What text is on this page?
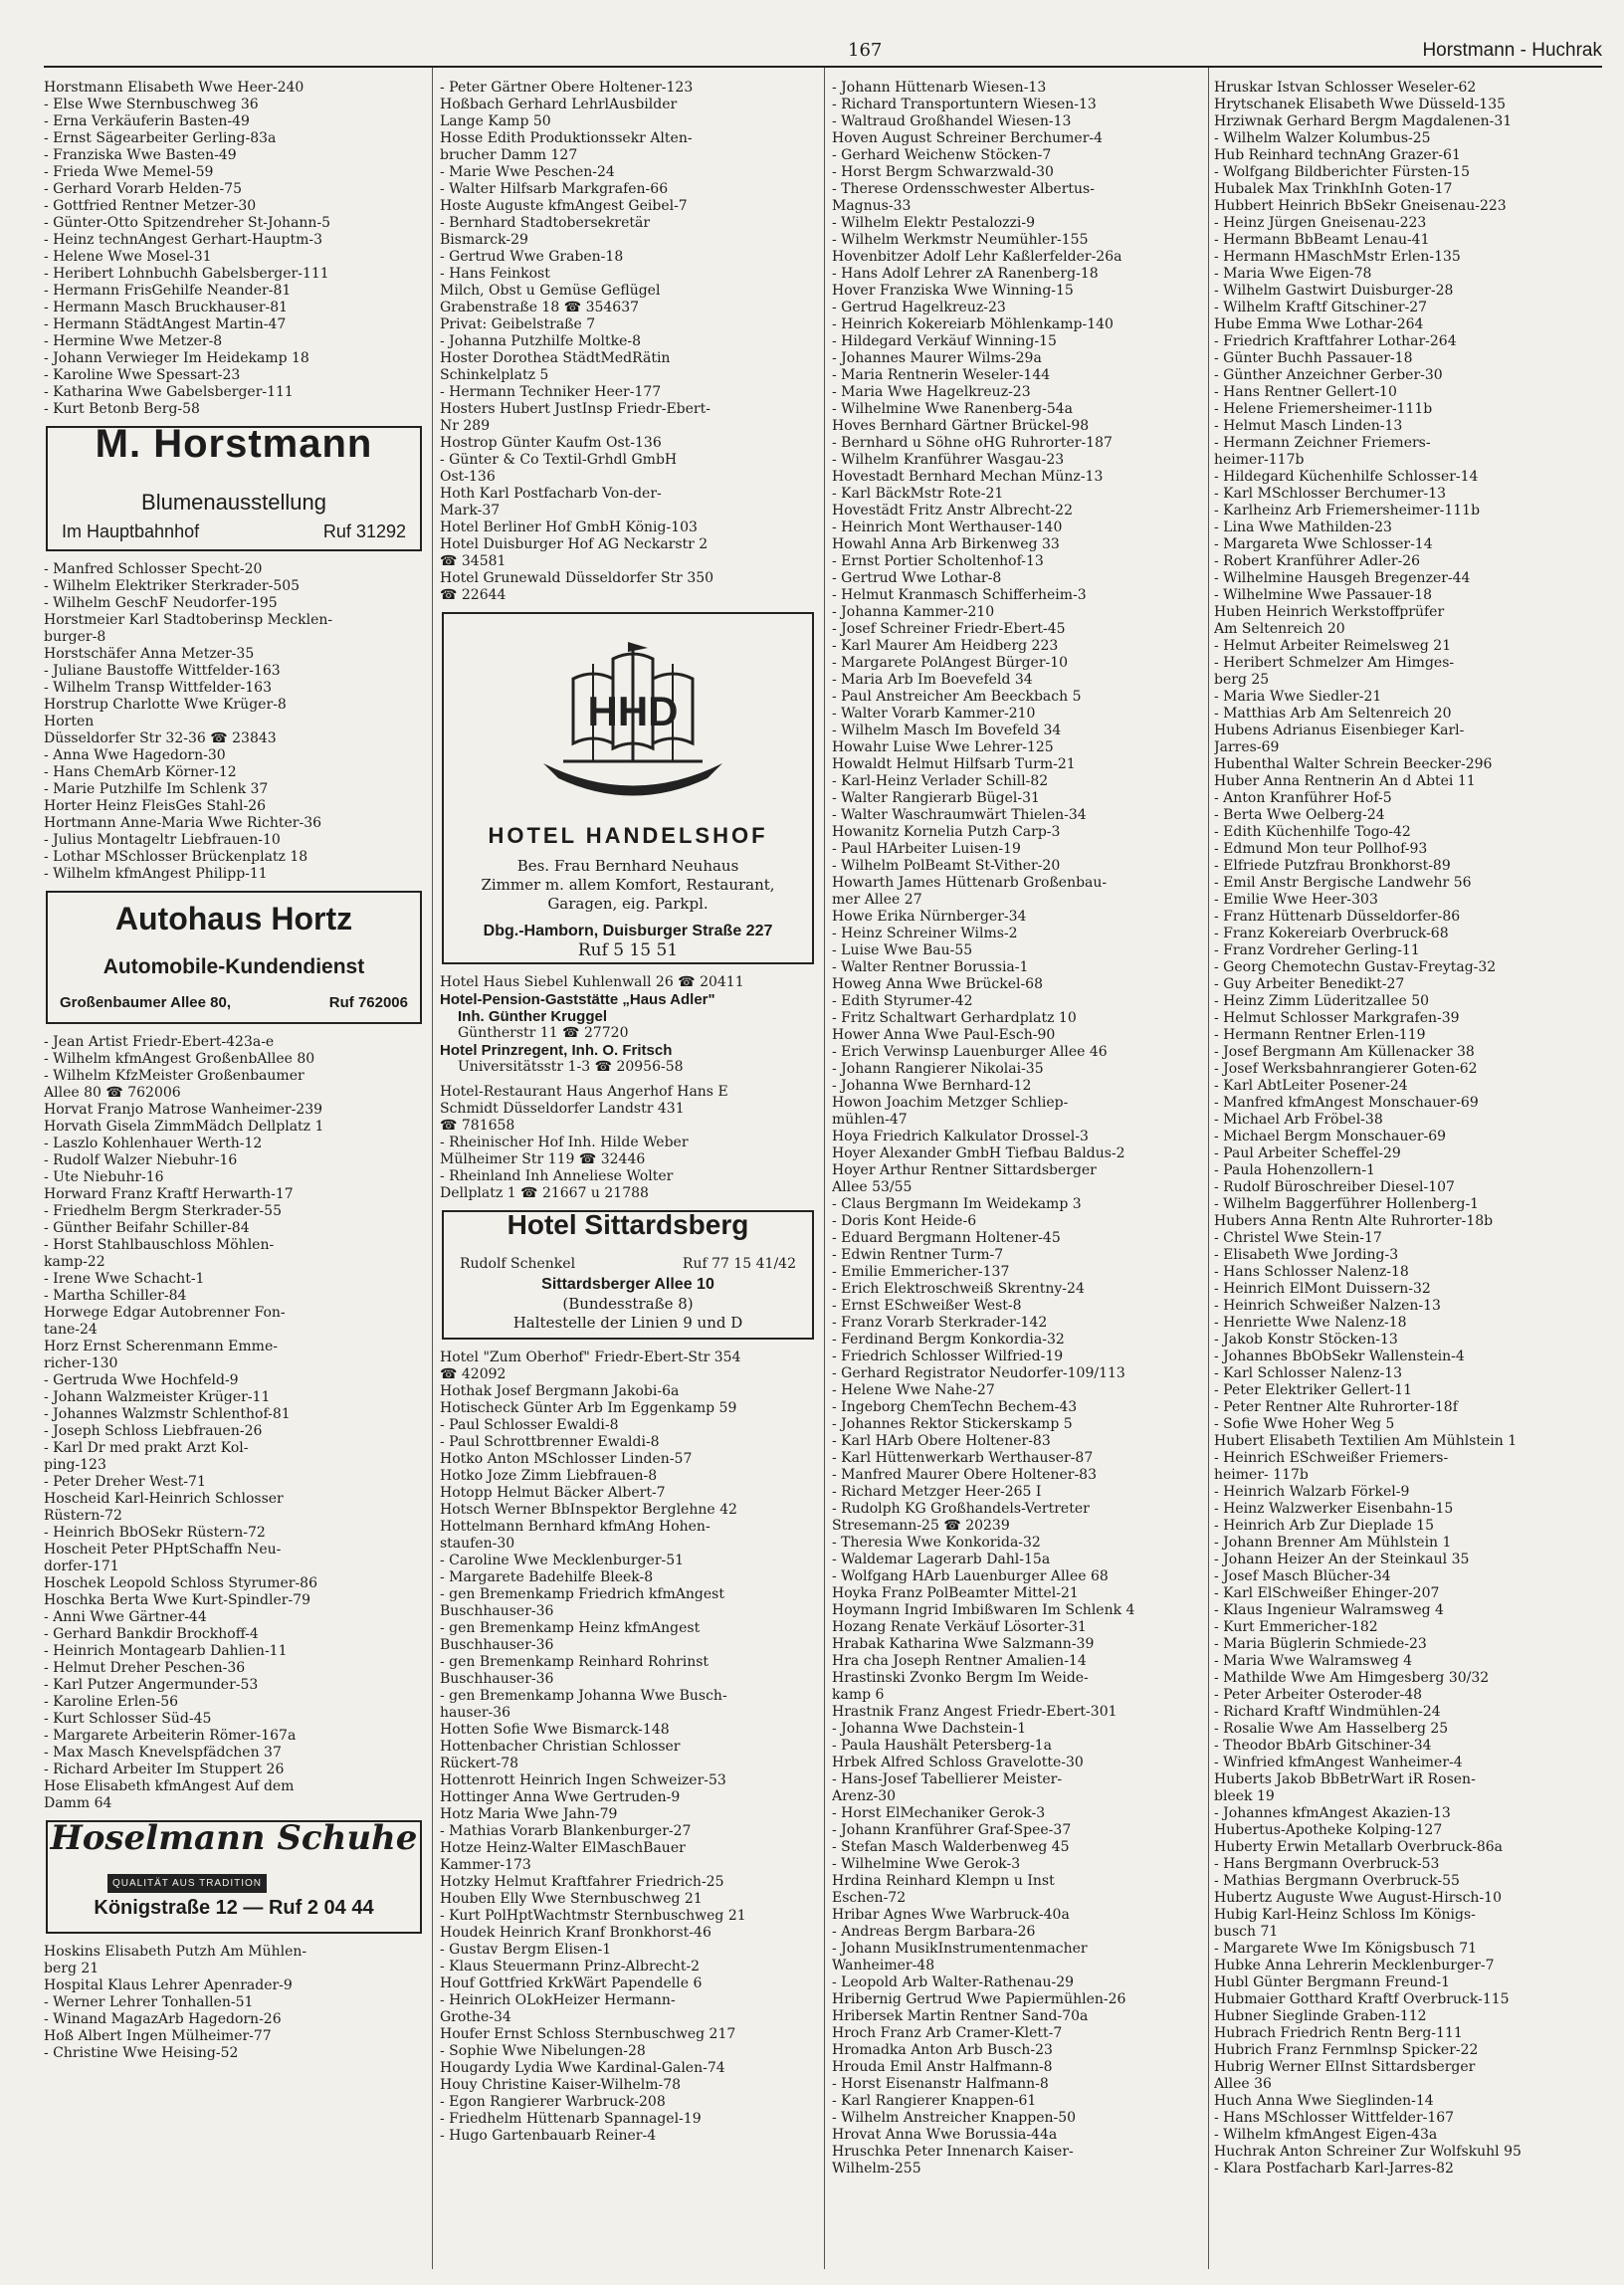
167	Horstmann - Huchrak
Horstmann Elisabeth Wwe Heer-240
- Else Wwe Sternbuschweg 36
- Erna Verkäuferin Basten-49
- Ernst Sägearbeiter Gerling-83a
- Franziska Wwe Basten-49
- Frieda Wwe Memel-59
- Gerhard Vorarb Helden-75
- Gottfried Rentner Metzer-30
- Günter-Otto Spitzendreher St-Johann-5
- Heinz technAngest Gerhart-Hauptm-3
- Helene Wwe Mosel-31
- Heribert Lohnbuchh Gabelsberger-111
- Hermann FrisGehilfe Neander-81
- Hermann Masch Bruckhauser-81
- Hermann StädtAngest Martin-47
- Hermine Wwe Metzer-8
- Johann Verwieger Im Heidekamp 18
- Karoline Wwe Spessart-23
- Katharina Wwe Gabelsberger-111
- Kurt Betonb Berg-58
M. Horstmann
Blumenausstellung
Im Hauptbahnhof	Ruf 31292
- Manfred Schlosser Specht-20
- Wilhelm Elektriker Sterkrader-505
- Wilhelm GeschF Neudorfer-195
Horstmeier Karl Stadtoberinsp Mecklen-
burger-8
Horstschäfer Anna Metzer-35
- Juliane Baustoffe Wittfelder-163
- Wilhelm Transp Wittfelder-163
Horstrup Charlotte Wwe Krüger-8
Horten
Düsseldorfer Str 32-36 ☎ 23843
- Anna Wwe Hagedorn-30
- Hans ChemArb Körner-12
- Marie Putzhilfe Im Schlenk 37
Horter Heinz FleisGes Stahl-26
Hortmann Anne-Maria Wwe Richter-36
- Julius Montageltr Liebfrauen-10
- Lothar MSchlosser Brückenplatz 18
- Wilhelm kfmAngest Philipp-11
Autohaus Hortz
Automobile-Kundendienst
Großenbaumer Allee 80,	Ruf 762006
- Jean Artist Friedr-Ebert-423a-e
- Wilhelm kfmAngest GroßenbAllee 80
- Wilhelm KfzMeister Großenbaumer
Allee 80 ☎ 762006
Horvat Franjo Matrose Wanheimer-239
Horvath Gisela ZimmMädch Dellplatz 1
- Laszlo Kohlenhauer Werth-12
- Rudolf Walzer Niebuhr-16
- Ute Niebuhr-16
Horward Franz Kraftf Herwarth-17
- Friedhelm Bergm Sterkrader-55
- Günther Beifahr Schiller-84
- Horst Stahlbauschloss Möhlen-
kamp-22
- Irene Wwe Schacht-1
- Martha Schiller-84
Horwege Edgar Autobrenner Fon-
tane-24
Horz Ernst Scherenmann Emme-
richer-130
- Gertruda Wwe Hochfeld-9
- Johann Walzmeister Krüger-11
- Johannes Walzmstr Schlenthof-81
- Joseph Schloss Liebfrauen-26
- Karl Dr med prakt Arzt Kol-
ping-123
- Peter Dreher West-71
Hoscheid Karl-Heinrich Schlosser
Rüstern-72
- Heinrich BbOSekr Rüstern-72
Hoscheit Peter PHptSchaffn Neu-
dorfer-171
Hoschek Leopold Schloss Styrumer-86
Hoschka Berta Wwe Kurt-Spindler-79
- Anni Wwe Gärtner-44
- Gerhard Bankdir Brockhoff-4
- Heinrich Montagearb Dahlien-11
- Helmut Dreher Peschen-36
- Karl Putzer Angermunder-53
- Karoline Erlen-56
- Kurt Schlosser Süd-45
- Margarete Arbeiterin Römer-167a
- Max Masch Knevelspfädchen 37
- Richard Arbeiter Im Stuppert 26
Hose Elisabeth kfmAngest Auf dem
Damm 64
Hoselmann Schuhe
QUALITÄT AUS TRADITION
Königstraße 12 — Ruf 2 04 44
Hoskins Elisabeth Putzh Am Mühlen-
berg 21
Hospital Klaus Lehrer Apenrader-9
- Werner Lehrer Tonhallen-51
- Winand MagazArb Hagedorn-26
Hoß Albert Ingen Mülheimer-77
- Christine Wwe Heising-52
- Peter Gärtner Obere Holtener-123
Hoßbach Gerhard LehrlAusbilder
Lange Kamp 50
Hosse Edith Produktionssekr Alten-
brucher Damm 127
- Marie Wwe Peschen-24
- Walter Hilfsarb Markgrafen-66
Hoste Auguste kfmAngest Geibel-7
- Bernhard Stadtobersekretär
Bismarck-29
- Gertrud Wwe Graben-18
- Hans Feinkost
Milch, Obst u Gemüse Geflügel
Grabenstraße 18 ☎ 354637
Privat: Geibelstraße 7
- Johanna Putzhilfe Moltke-8
Hoster Dorothea StädtMedRätin
Schinkelplatz 5
- Hermann Techniker Heer-177
Hosters Hubert JustInsp Friedr-Ebert-
Nr 289
Hostrop Günter Kaufm Ost-136
- Günter & Co Textil-Grhdl GmbH
Ost-136
Hoth Karl Postfacharb Von-der-
Mark-37
Hotel Berliner Hof GmbH König-103
Hotel Duisburger Hof AG Neckarstr 2
☎ 34581
Hotel Grunewald Düsseldorfer Str 350
☎ 22644
HHD
HOTEL HANDELSHOF
Bes. Frau Bernhard Neuhaus
Zimmer m. allem Komfort, Restaurant,
Garagen, eig. Parkpl.
Dbg.-Hamborn, Duisburger Straße 227
Ruf 5 15 51
Hotel Haus Siebel Kuhlenwall 26 ☎ 20411
Hotel-Pension-Gaststätte „Haus Adler"
Inh. Günther Kruggel
Güntherstr 11 ☎ 27720
Hotel Prinzregent, Inh. O. Fritsch
Universitätsstr 1-3 ☎ 20956-58
Hotel-Restaurant Haus Angerhof Hans E
Schmidt Düsseldorfer Landstr 431
☎ 781658
- Rheinischer Hof Inh. Hilde Weber
Mülheimer Str 119 ☎ 32446
- Rheinland Inh Anneliese Wolter
Dellplatz 1 ☎ 21667 u 21788
Hotel Sittardsberg
Rudolf Schenkel	Ruf 77 15 41/42
Sittardsberger Allee 10
(Bundesstraße 8)
Haltestelle der Linien 9 und D
Hotel "Zum Oberhof" Friedr-Ebert-Str 354
☎ 42092
Hothak Josef Bergmann Jakobi-6a
Hotischeck Günter Arb Im Eggenkamp 59
- Paul Schlosser Ewaldi-8
- Paul Schrottbrenner Ewaldi-8
Hotko Anton MSchlosser Linden-57
Hotko Joze Zimm Liebfrauen-8
Hotopp Helmut Bäcker Albert-7
Hotsch Werner BbInspektor Berglehne 42
Hottelmann Bernhard kfmAng Hohen-
staufen-30
- Caroline Wwe Mecklenburger-51
- Margarete Badehilfe Bleek-8
- gen Bremenkamp Friedrich kfmAngest
Buschhauser-36
- gen Bremenkamp Heinz kfmAngest
Buschhauser-36
- gen Bremenkamp Reinhard Rohrinst
Buschhauser-36
- gen Bremenkamp Johanna Wwe Busch-
hauser-36
Hotten Sofie Wwe Bismarck-148
Hottenbacher Christian Schlosser
Rückert-78
Hottenrott Heinrich Ingen Schweizer-53
Hottinger Anna Wwe Gertruden-9
Hotz Maria Wwe Jahn-79
- Mathias Vorarb Blankenburger-27
Hotze Heinz-Walter ElMaschBauer
Kammer-173
Hotzky Helmut Kraftfahrer Friedrich-25
Houben Elly Wwe Sternbuschweg 21
- Kurt PolHptWachtmstr Sternbuschweg 21
Houdek Heinrich Kranf Bronkhorst-46
- Gustav Bergm Elisen-1
- Klaus Steuermann Prinz-Albrecht-2
Houf Gottfried KrkWärt Papendelle 6
- Heinrich OLokHeizer Hermann-
Grothe-34
Houfer Ernst Schloss Sternbuschweg 217
- Sophie Wwe Nibelungen-28
Hougardy Lydia Wwe Kardinal-Galen-74
Houy Christine Kaiser-Wilhelm-78
- Egon Rangierer Warbruck-208
- Friedhelm Hüttenarb Spannagel-19
- Hugo Gartenbauarb Reiner-4
- Johann Hüttenarb Wiesen-13
- Richard Transportuntern Wiesen-13
- Waltraud Großhandel Wiesen-13
Hoven August Schreiner Berchumer-4
- Gerhard Weichenw Stöcken-7
- Horst Bergm Schwarzwald-30
- Therese Ordensschwester Albertus-
Magnus-33
- Wilhelm Elektr Pestalozzi-9
- Wilhelm Werkmstr Neumühler-155
Hovenbitzer Adolf Lehr Kaßlerfelder-26a
- Hans Adolf Lehrer zA Ranenberg-18
Hover Franziska Wwe Winning-15
- Gertrud Hagelkreuz-23
- Heinrich Kokereiarb Möhlenkamp-140
- Hildegard Verkäuf Winning-15
- Johannes Maurer Wilms-29a
- Maria Rentnerin Weseler-144
- Maria Wwe Hagelkreuz-23
- Wilhelmine Wwe Ranenberg-54a
Hoves Bernhard Gärtner Brückel-98
- Bernhard u Söhne oHG Ruhrorter-187
- Wilhelm Kranführer Wasgau-23
Hovestadt Bernhard Mechan Münz-13
- Karl BäckMstr Rote-21
Hovestädt Fritz Anstr Albrecht-22
- Heinrich Mont Werthauser-140
Howahl Anna Arb Birkenweg 33
- Ernst Portier Scholtenhof-13
- Gertrud Wwe Lothar-8
- Helmut Kranmasch Schifferheim-3
- Johanna Kammer-210
- Josef Schreiner Friedr-Ebert-45
- Karl Maurer Am Heidberg 223
- Margarete PolAngest Bürger-10
- Maria Arb Im Boevefeld 34
- Paul Anstreicher Am Beeckbach 5
- Walter Vorarb Kammer-210
- Wilhelm Masch Im Bovefeld 34
Howahr Luise Wwe Lehrer-125
Howaldt Helmut Hilfsarb Turm-21
- Karl-Heinz Verlader Schill-82
- Walter Rangierarb Bügel-31
- Walter Waschraumwärt Thielen-34
Howanitz Kornelia Putzh Carp-3
- Paul HArbeiter Luisen-19
- Wilhelm PolBeamt St-Vither-20
Howarth James Hüttenarb Großenbau-
mer Allee 27
Howe Erika Nürnberger-34
- Heinz Schreiner Wilms-2
- Luise Wwe Bau-55
- Walter Rentner Borussia-1
Howeg Anna Wwe Brückel-68
- Edith Styrumer-42
- Fritz Schaltwart Gerhardplatz 10
Hower Anna Wwe Paul-Esch-90
- Erich Verwinsp Lauenburger Allee 46
- Johann Rangierer Nikolai-35
- Johanna Wwe Bernhard-12
Howon Joachim Metzger Schliep-
mühlen-47
Hoya Friedrich Kalkulator Drossel-3
Hoyer Alexander GmbH Tiefbau Baldus-2
Hoyer Arthur Rentner Sittardsberger
Allee 53/55
- Claus Bergmann Im Weidekamp 3
- Doris Kont Heide-6
- Eduard Bergmann Holtener-45
- Edwin Rentner Turm-7
- Emilie Emmericher-137
- Erich Elektroschweiß Skrentny-24
- Ernst ESchweißer West-8
- Franz Vorarb Sterkrader-142
- Ferdinand Bergm Konkordia-32
- Friedrich Schlosser Wilfried-19
- Gerhard Registrator Neudorfer-109/113
- Helene Wwe Nahe-27
- Ingeborg ChemTechn Bechem-43
- Johannes Rektor Stickerskamp 5
- Karl HArb Obere Holtener-83
- Karl Hüttenwerkarb Werthauser-87
- Manfred Maurer Obere Holtener-83
- Richard Metzger Heer-265 I
- Rudolph KG Großhandels-Vertreter
Stresemann-25 ☎ 20239
- Theresia Wwe Konkorida-32
- Waldemar Lagerarb Dahl-15a
- Wolfgang HArb Lauenburger Allee 68
Hoyka Franz PolBeamter Mittel-21
Hoymann Ingrid Imbißwaren Im Schlenk 4
Hozang Renate Verkäuf Lösorter-31
Hrabak Katharina Wwe Salzmann-39
Hra cha Joseph Rentner Amalien-14
Hrastinski Zvonko Bergm Im Weide-
kamp 6
Hrastnik Franz Angest Friedr-Ebert-301
- Johanna Wwe Dachstein-1
- Paula Haushält Petersberg-1a
Hrbek Alfred Schloss Gravelotte-30
- Hans-Josef Tabellierer Meister-
Arenz-30
- Horst ElMechaniker Gerok-3
- Johann Kranführer Graf-Spee-37
- Stefan Masch Walderbenweg 45
- Wilhelmine Wwe Gerok-3
Hrdina Reinhard Klempn u Inst
Eschen-72
Hribar Agnes Wwe Warbruck-40a
- Andreas Bergm Barbara-26
- Johann MusikInstrumentenmacher
Wanheimer-48
- Leopold Arb Walter-Rathenau-29
Hribernig Gertrud Wwe Papiermühlen-26
Hribersek Martin Rentner Sand-70a
Hroch Franz Arb Cramer-Klett-7
Hromadka Anton Arb Busch-23
Hrouda Emil Anstr Halfmann-8
- Horst Eisenanstr Halfmann-8
- Karl Rangierer Knappen-61
- Wilhelm Anstreicher Knappen-50
Hrovat Anna Wwe Borussia-44a
Hruschka Peter Innenarch Kaiser-
Wilhelm-255
Hruskar Istvan Schlosser Weseler-62
Hrytschanek Elisabeth Wwe Düsseld-135
Hrziwnak Gerhard Bergm Magdalenen-31
- Wilhelm Walzer Kolumbus-25
Hub Reinhard technAng Grazer-61
- Wolfgang Bildberichter Fürsten-15
Hubalek Max TrinkhInh Goten-17
Hubbert Heinrich BbSekr Gneisenau-223
- Heinz Jürgen Gneisenau-223
- Hermann BbBeamt Lenau-41
- Hermann HMaschMstr Erlen-135
- Maria Wwe Eigen-78
- Wilhelm Gastwirt Duisburger-28
- Wilhelm Kraftf Gitschiner-27
Hube Emma Wwe Lothar-264
- Friedrich Kraftfahrer Lothar-264
- Günter Buchh Passauer-18
- Günther Anzeichner Gerber-30
- Hans Rentner Gellert-10
- Helene Friemersheimer-111b
- Helmut Masch Linden-13
- Hermann Zeichner Friemers-
heimer-117b
- Hildegard Küchenhilfe Schlosser-14
- Karl MSchlosser Berchumer-13
- Karlheinz Arb Friemersheimer-111b
- Lina Wwe Mathilden-23
- Margareta Wwe Schlosser-14
- Robert Kranführer Adler-26
- Wilhelmine Hausgeh Bregenzer-44
- Wilhelmine Wwe Passauer-18
Huben Heinrich Werkstoffprüfer
Am Seltenreich 20
- Helmut Arbeiter Reimelsweg 21
- Heribert Schmelzer Am Himges-
berg 25
- Maria Wwe Siedler-21
- Matthias Arb Am Seltenreich 20
Hubens Adrianus Eisenbieger Karl-
Jarres-69
Hubenthal Walter Schrein Beecker-296
Huber Anna Rentnerin An d Abtei 11
- Anton Kranführer Hof-5
- Berta Wwe Oelberg-24
- Edith Küchenhilfe Togo-42
- Edmund Mon teur Pollhof-93
- Elfriede Putzfrau Bronkhorst-89
- Emil Anstr Bergische Landwehr 56
- Emilie Wwe Heer-303
- Franz Hüttenarb Düsseldorfer-86
- Franz Kokereiarb Overbruck-68
- Franz Vordreher Gerling-11
- Georg Chemotechn Gustav-Freytag-32
- Guy Arbeiter Benedikt-27
- Heinz Zimm Lüderitzallee 50
- Helmut Schlosser Markgrafen-39
- Hermann Rentner Erlen-119
- Josef Bergmann Am Küllenacker 38
- Josef Werksbahnrangierer Goten-62
- Karl AbtLeiter Posener-24
- Manfred kfmAngest Monschauer-69
- Michael Arb Fröbel-38
- Michael Bergm Monschauer-69
- Paul Arbeiter Scheffel-29
- Paula Hohenzollern-1
- Rudolf Büroschreiber Diesel-107
- Wilhelm Baggerführer Hollenberg-1
Hubers Anna Rentn Alte Ruhrorter-18b
- Christel Wwe Stein-17
- Elisabeth Wwe Jording-3
- Hans Schlosser Nalenz-18
- Heinrich ElMont Duissern-32
- Heinrich Schweißer Nalzen-13
- Henriette Wwe Nalenz-18
- Jakob Konstr Stöcken-13
- Johannes BbObSekr Wallenstein-4
- Karl Schlosser Nalenz-13
- Peter Elektriker Gellert-11
- Peter Rentner Alte Ruhrorter-18f
- Sofie Wwe Hoher Weg 5
Hubert Elisabeth Textilien Am Mühlstein 1
- Heinrich ESchweißer Friemers-
heimer- 117b
- Heinrich Walzarb Förkel-9
- Heinz Walzwerker Eisenbahn-15
- Heinrich Arb Zur Dieplade 15
- Johann Brenner Am Mühlstein 1
- Johann Heizer An der Steinkaul 35
- Josef Masch Blücher-34
- Karl ElSchweißer Ehinger-207
- Klaus Ingenieur Walramsweg 4
- Kurt Emmericher-182
- Maria Büglerin Schmiede-23
- Maria Wwe Walramsweg 4
- Mathilde Wwe Am Himgesberg 30/32
- Peter Arbeiter Osteroder-48
- Richard Kraftf Windmühlen-24
- Rosalie Wwe Am Hasselberg 25
- Theodor BbArb Gitschiner-34
- Winfried kfmAngest Wanheimer-4
Huberts Jakob BbBetrWart iR Rosen-
bleek 19
- Johannes kfmAngest Akazien-13
Hubertus-Apotheke Kolping-127
Huberty Erwin Metallarb Overbruck-86a
- Hans Bergmann Overbruck-53
- Mathias Bergmann Overbruck-55
Hubertz Auguste Wwe August-Hirsch-10
Hubig Karl-Heinz Schloss Im Königs-
busch 71
- Margarete Wwe Im Königsbusch 71
Hubke Anna Lehrerin Mecklenburger-7
Hubl Günter Bergmann Freund-1
Hubmaier Gotthard Kraftf Overbruck-115
Hubner Sieglinde Graben-112
Hubrach Friedrich Rentn Berg-111
Hubrich Franz Fernmlnsp Spicker-22
Hubrig Werner ElInst Sittardsberger
Allee 36
Huch Anna Wwe Sieglinden-14
- Hans MSchlosser Wittfelder-167
- Wilhelm kfmAngest Eigen-43a
Huchrak Anton Schreiner Zur Wolfskuhl 95
- Klara Postfacharb Karl-Jarres-82
